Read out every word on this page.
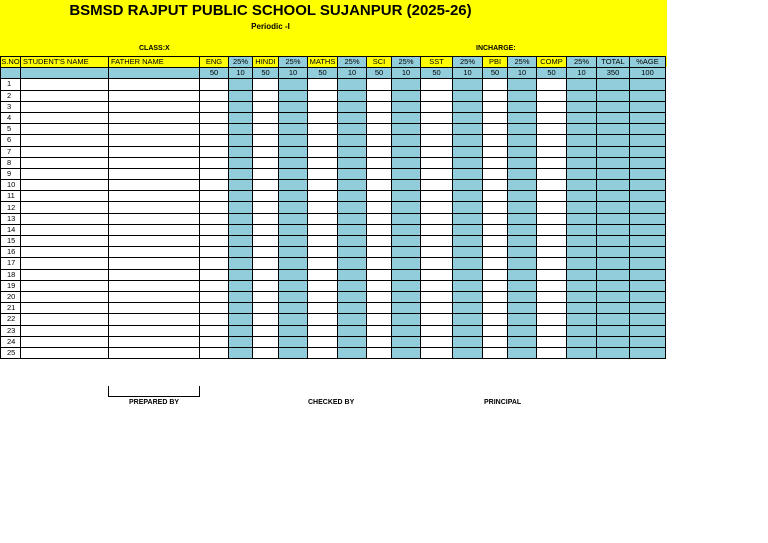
BSMSD RAJPUT PUBLIC SCHOOL SUJANPUR (2025-26)
Periodic -I
CLASS:X	INCHARGE:
S.NO	STUDENT'S NAME	FATHER NAME	ENG	25%	HINDI	25%	MATHS	25%	SCI	25%	SST	25%	PBI	25%	COMP	25%	TOTAL	%AGE
			50	10	50	10	50	10	50	10	50	10	50	10	50	10	350	100
1																		
2																		
3																		
4																		
5																		
6																		
7																		
8																		
9																		
10																		
11																		
12																		
13																		
14																		
15																		
16																		
17																		
18																		
19																		
20																		
21																		
22																		
23																		
24																		
25																		
PREPARED BY	CHECKED BY	PRINCIPAL
